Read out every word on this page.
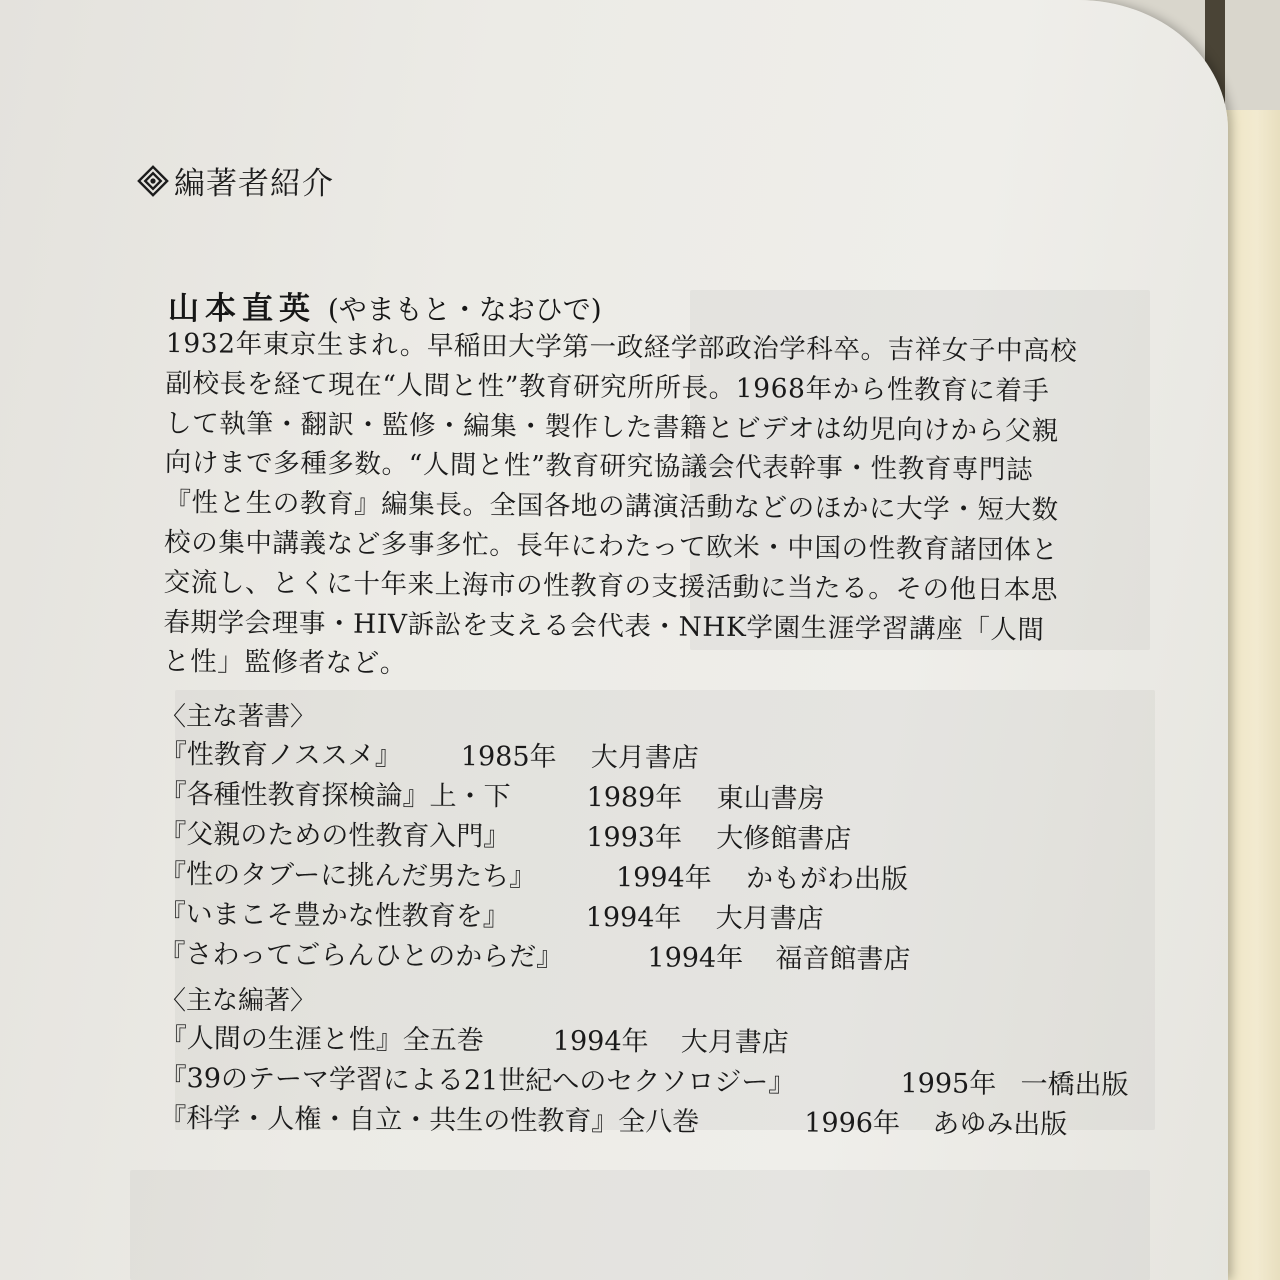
編著者紹介
山本直英 (やまもと・なおひで)
1932年東京生まれ。早稲田大学第一政経学部政治学科卒。吉祥女子中高校
副校長を経て現在“人間と性”教育研究所所長。1968年から性教育に着手
して執筆・翻訳・監修・編集・製作した書籍とビデオは幼児向けから父親
向けまで多種多数。“人間と性”教育研究協議会代表幹事・性教育専門誌
『性と生の教育』編集長。全国各地の講演活動などのほかに大学・短大数
校の集中講義など多事多忙。長年にわたって欧米・中国の性教育諸団体と
交流し、とくに十年来上海市の性教育の支援活動に当たる。その他日本思
春期学会理事・HIV訴訟を支える会代表・NHK学園生涯学習講座「人間
と性」監修者など。
〈主な著書〉
『性教育ノススメ』 1985年 大月書店
『各種性教育探検論』上・下	1989年 東山書房
『父親のための性教育入門』	1993年 大修館書店
『性のタブーに挑んだ男たち』	1994年 かもがわ出版
『いまこそ豊かな性教育を』	1994年 大月書店
『さわってごらんひとのからだ』	1994年 福音館書店
〈主な編著〉
『人間の生涯と性』全五巻	1994年 大月書店
『39のテーマ学習による21世紀へのセクソロジー』	1995年 一橋出版
『科学・人権・自立・共生の性教育』全八巻	1996年 あゆみ出版
